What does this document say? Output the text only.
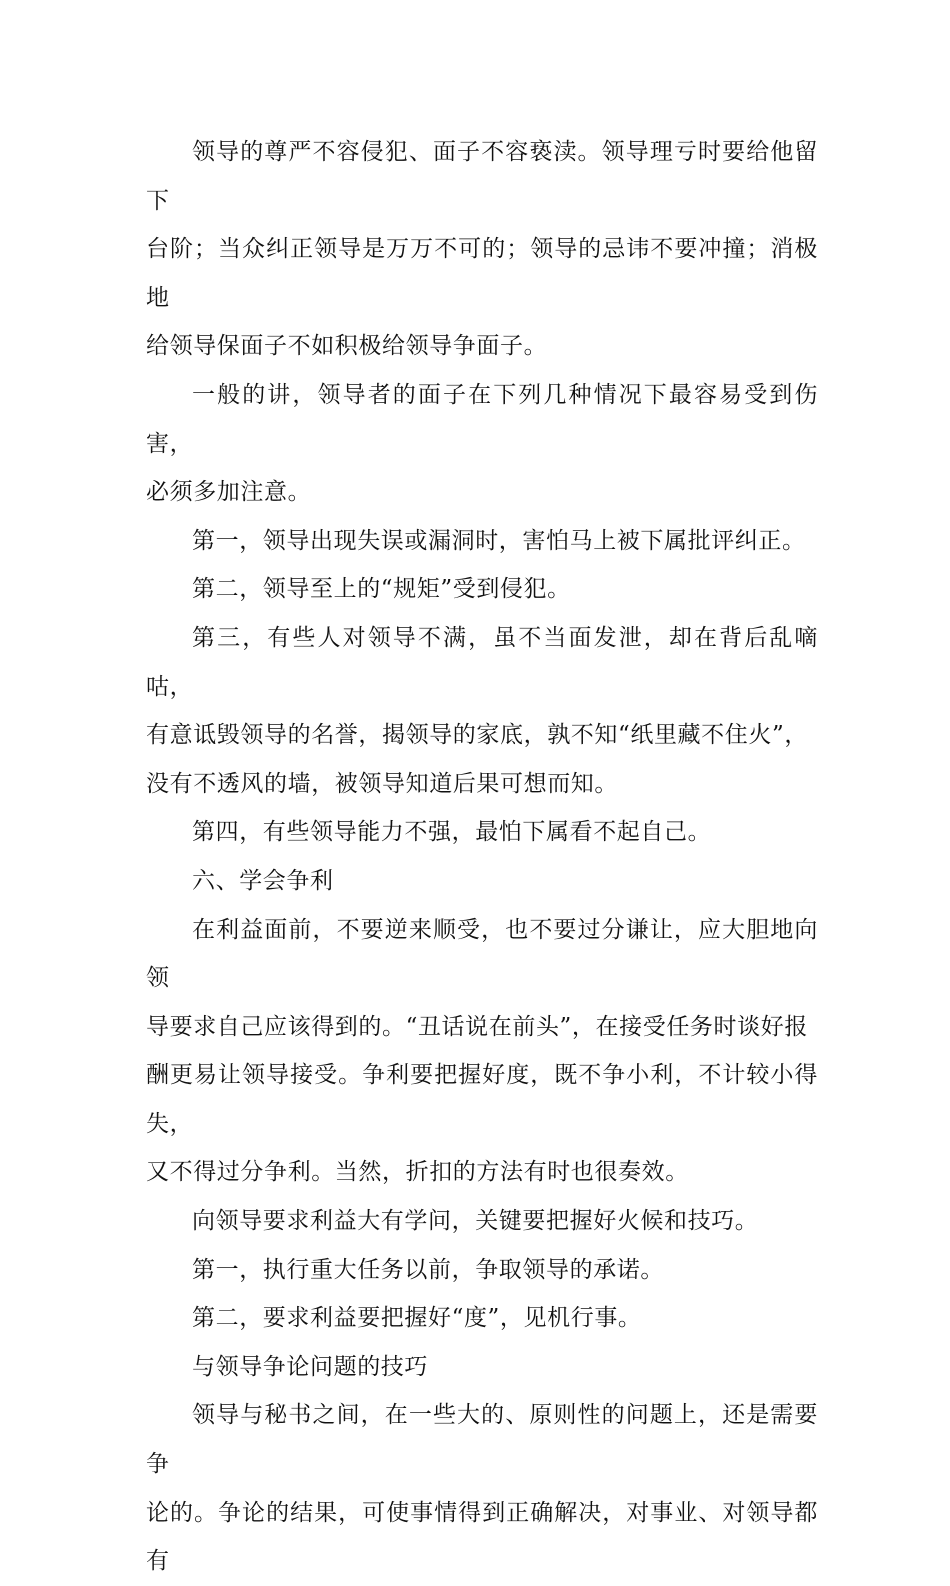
领导的尊严不容侵犯、面子不容亵渎。领导理亏时要给他留下
台阶；当众纠正领导是万万不可的；领导的忌讳不要冲撞；消极地
给领导保面子不如积极给领导争面子。

一般的讲，领导者的面子在下列几种情况下最容易受到伤害，
必须多加注意。

第一，领导出现失误或漏洞时，害怕马上被下属批评纠正。

第二，领导至上的“规矩”受到侵犯。

第三，有些人对领导不满，虽不当面发泄，却在背后乱嘀咕，
有意诋毁领导的名誉，揭领导的家底，孰不知“纸里藏不住火”，
没有不透风的墙，被领导知道后果可想而知。

第四，有些领导能力不强，最怕下属看不起自己。

六、学会争利

在利益面前，不要逆来顺受，也不要过分谦让，应大胆地向领
导要求自己应该得到的。“丑话说在前头”，在接受任务时谈好报
酬更易让领导接受。争利要把握好度，既不争小利，不计较小得失，
又不得过分争利。当然，折扣的方法有时也很奏效。

向领导要求利益大有学问，关键要把握好火候和技巧。

第一，执行重大任务以前，争取领导的承诺。

第二，要求利益要把握好“度”，见机行事。

与领导争论问题的技巧

领导与秘书之间，在一些大的、原则性的问题上，还是需要争
论的。争论的结果，可使事情得到正确解决，对事业、对领导都有
